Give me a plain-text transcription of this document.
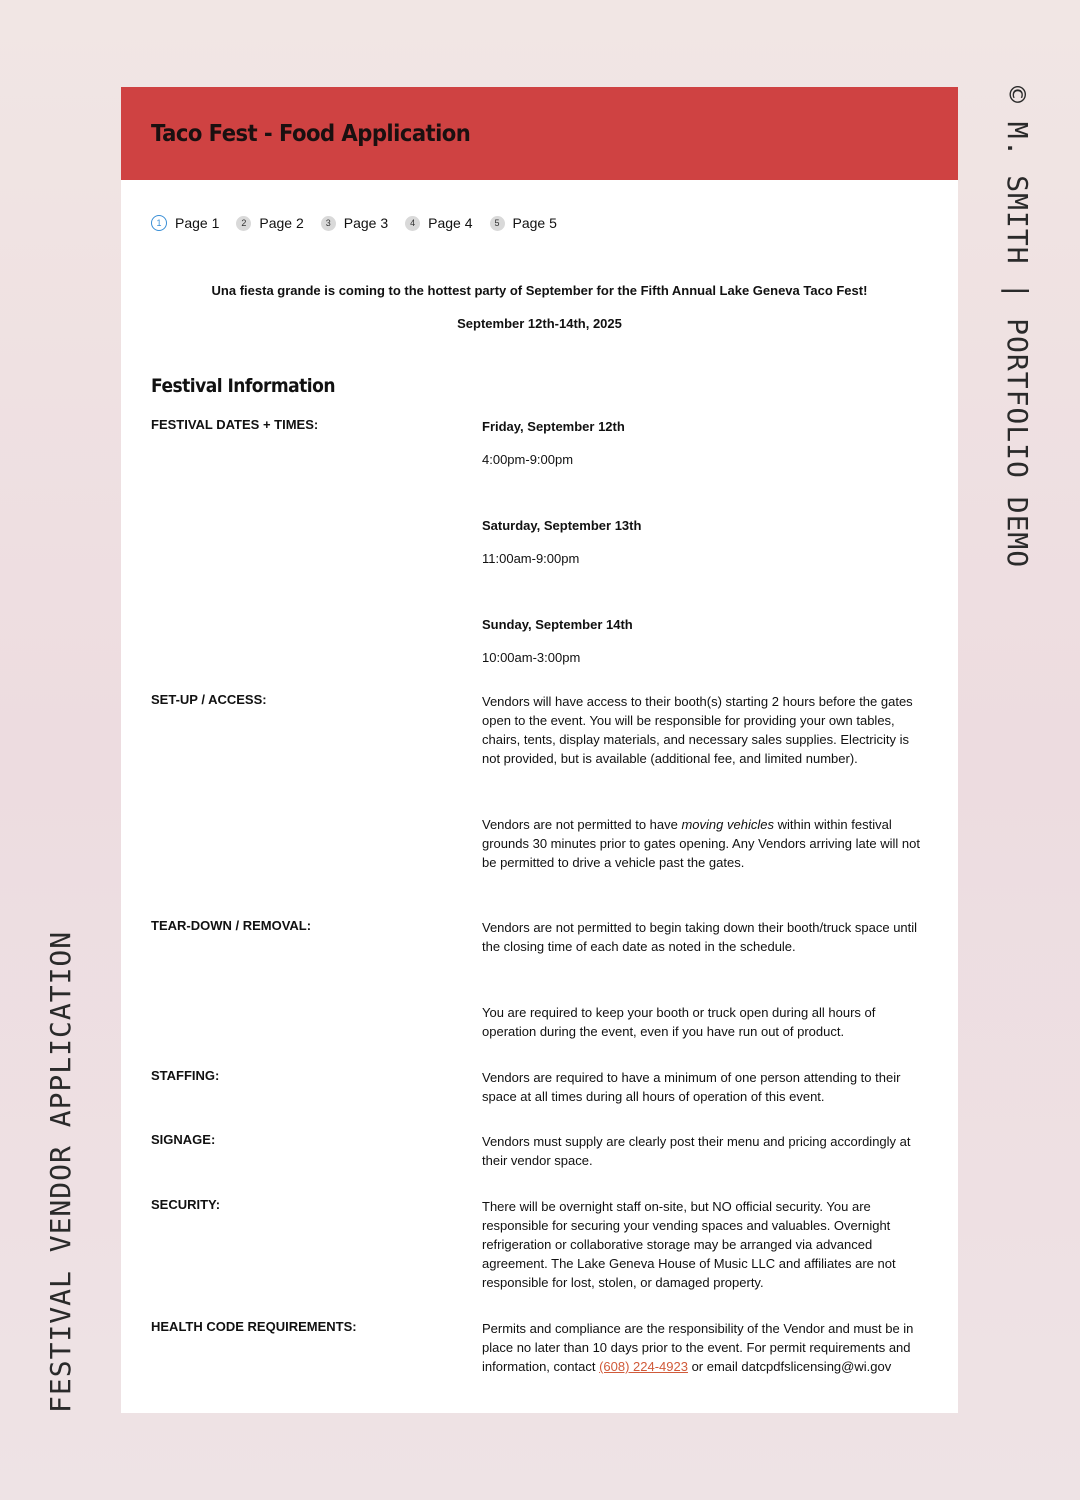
FESTIVAL VENDOR APPLICATION
© M. SMITH | PORTFOLIO DEMO
Taco Fest - Food Application
1 Page 1	2 Page 2	3 Page 3	4 Page 4	5 Page 5

Una fiesta grande is coming to the hottest party of September for the Fifth Annual Lake Geneva Taco Fest!

September 12th-14th, 2025

Festival Information
FESTIVAL DATES + TIMES:	Friday, September 12th

4:00pm-9:00pm

Saturday, September 13th

11:00am-9:00pm

Sunday, September 14th

10:00am-3:00pm

SET-UP / ACCESS:	Vendors will have access to their booth(s) starting 2 hours before the gates open to the event. You will be responsible for providing your own tables, chairs, tents, display materials, and necessary sales supplies. Electricity is not provided, but is available (additional fee, and limited number).

Vendors are not permitted to have moving vehicles within within festival grounds 30 minutes prior to gates opening. Any Vendors arriving late will not be permitted to drive a vehicle past the gates.

TEAR-DOWN / REMOVAL:	Vendors are not permitted to begin taking down their booth/truck space until the closing time of each date as noted in the schedule.

You are required to keep your booth or truck open during all hours of operation during the event, even if you have run out of product.

STAFFING:	Vendors are required to have a minimum of one person attending to their space at all times during all hours of operation of this event.
SIGNAGE:	Vendors must supply are clearly post their menu and pricing accordingly at their vendor space.
SECURITY:	There will be overnight staff on-site, but NO official security. You are responsible for securing your vending spaces and valuables. Overnight refrigeration or collaborative storage may be arranged via advanced agreement. The Lake Geneva House of Music LLC and affiliates are not responsible for lost, stolen, or damaged property.
HEALTH CODE REQUIREMENTS:	Permits and compliance are the responsibility of the Vendor and must be in place no later than 10 days prior to the event. For permit requirements and information, contact (608) 224-4923 or email datcpdfslicensing@wi.gov
